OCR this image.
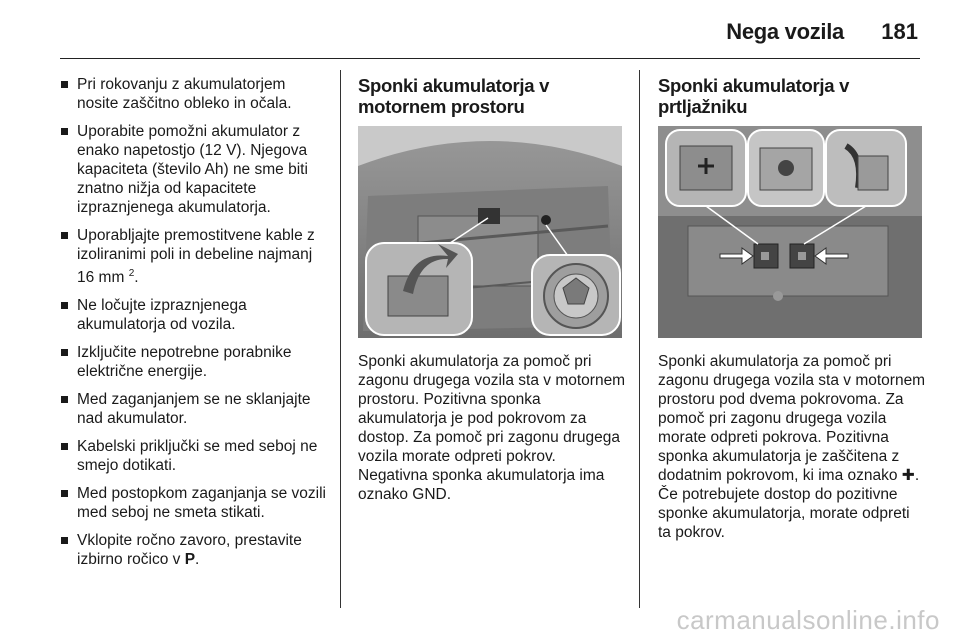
Nega vozila 181
Pri rokovanju z akumulatorjem nosite zaščitno obleko in očala.
Uporabite pomožni akumulator z enako napetostjo (12 V). Njegova kapaciteta (število Ah) ne sme biti znatno nižja od kapacitete izpraznjenega akumulatorja.
Uporabljajte premostitvene kable z izoliranimi poli in debeline najmanj 16 mm $^2$.
Ne ločujte izpraznjenega akumulatorja od vozila.
Izključite nepotrebne porabnike električne energije.
Med zaganjanjem se ne sklanjajte nad akumulator.
Kabelski priključki se med seboj ne smejo dotikati.
Med postopkom zaganjanja se vozili med seboj ne smeta stikati.
Vklopite ročno zavoro, prestavite izbirno ročico v P.
Sponki akumulatorja v motornem prostoru
Sponki akumulatorja za pomoč pri zagonu drugega vozila sta v motornem prostoru. Pozitivna sponka akumulatorja je pod pokrovom za dostop. Za pomoč pri zagonu drugega vozila morate odpreti pokrov. Negativna sponka akumulatorja ima oznako GND.
Sponki akumulatorja v prtljažniku
Sponki akumulatorja za pomoč pri zagonu drugega vozila sta v motornem prostoru pod dvema pokrovoma. Za pomoč pri zagonu drugega vozila morate odpreti pokrova. Pozitivna sponka akumulatorja je zaščitena z dodatnim pokrovom, ki ima oznako ✚. Če potrebujete dostop do pozitivne sponke akumulatorja, morate odpreti ta pokrov.
carmanualsonline.info
